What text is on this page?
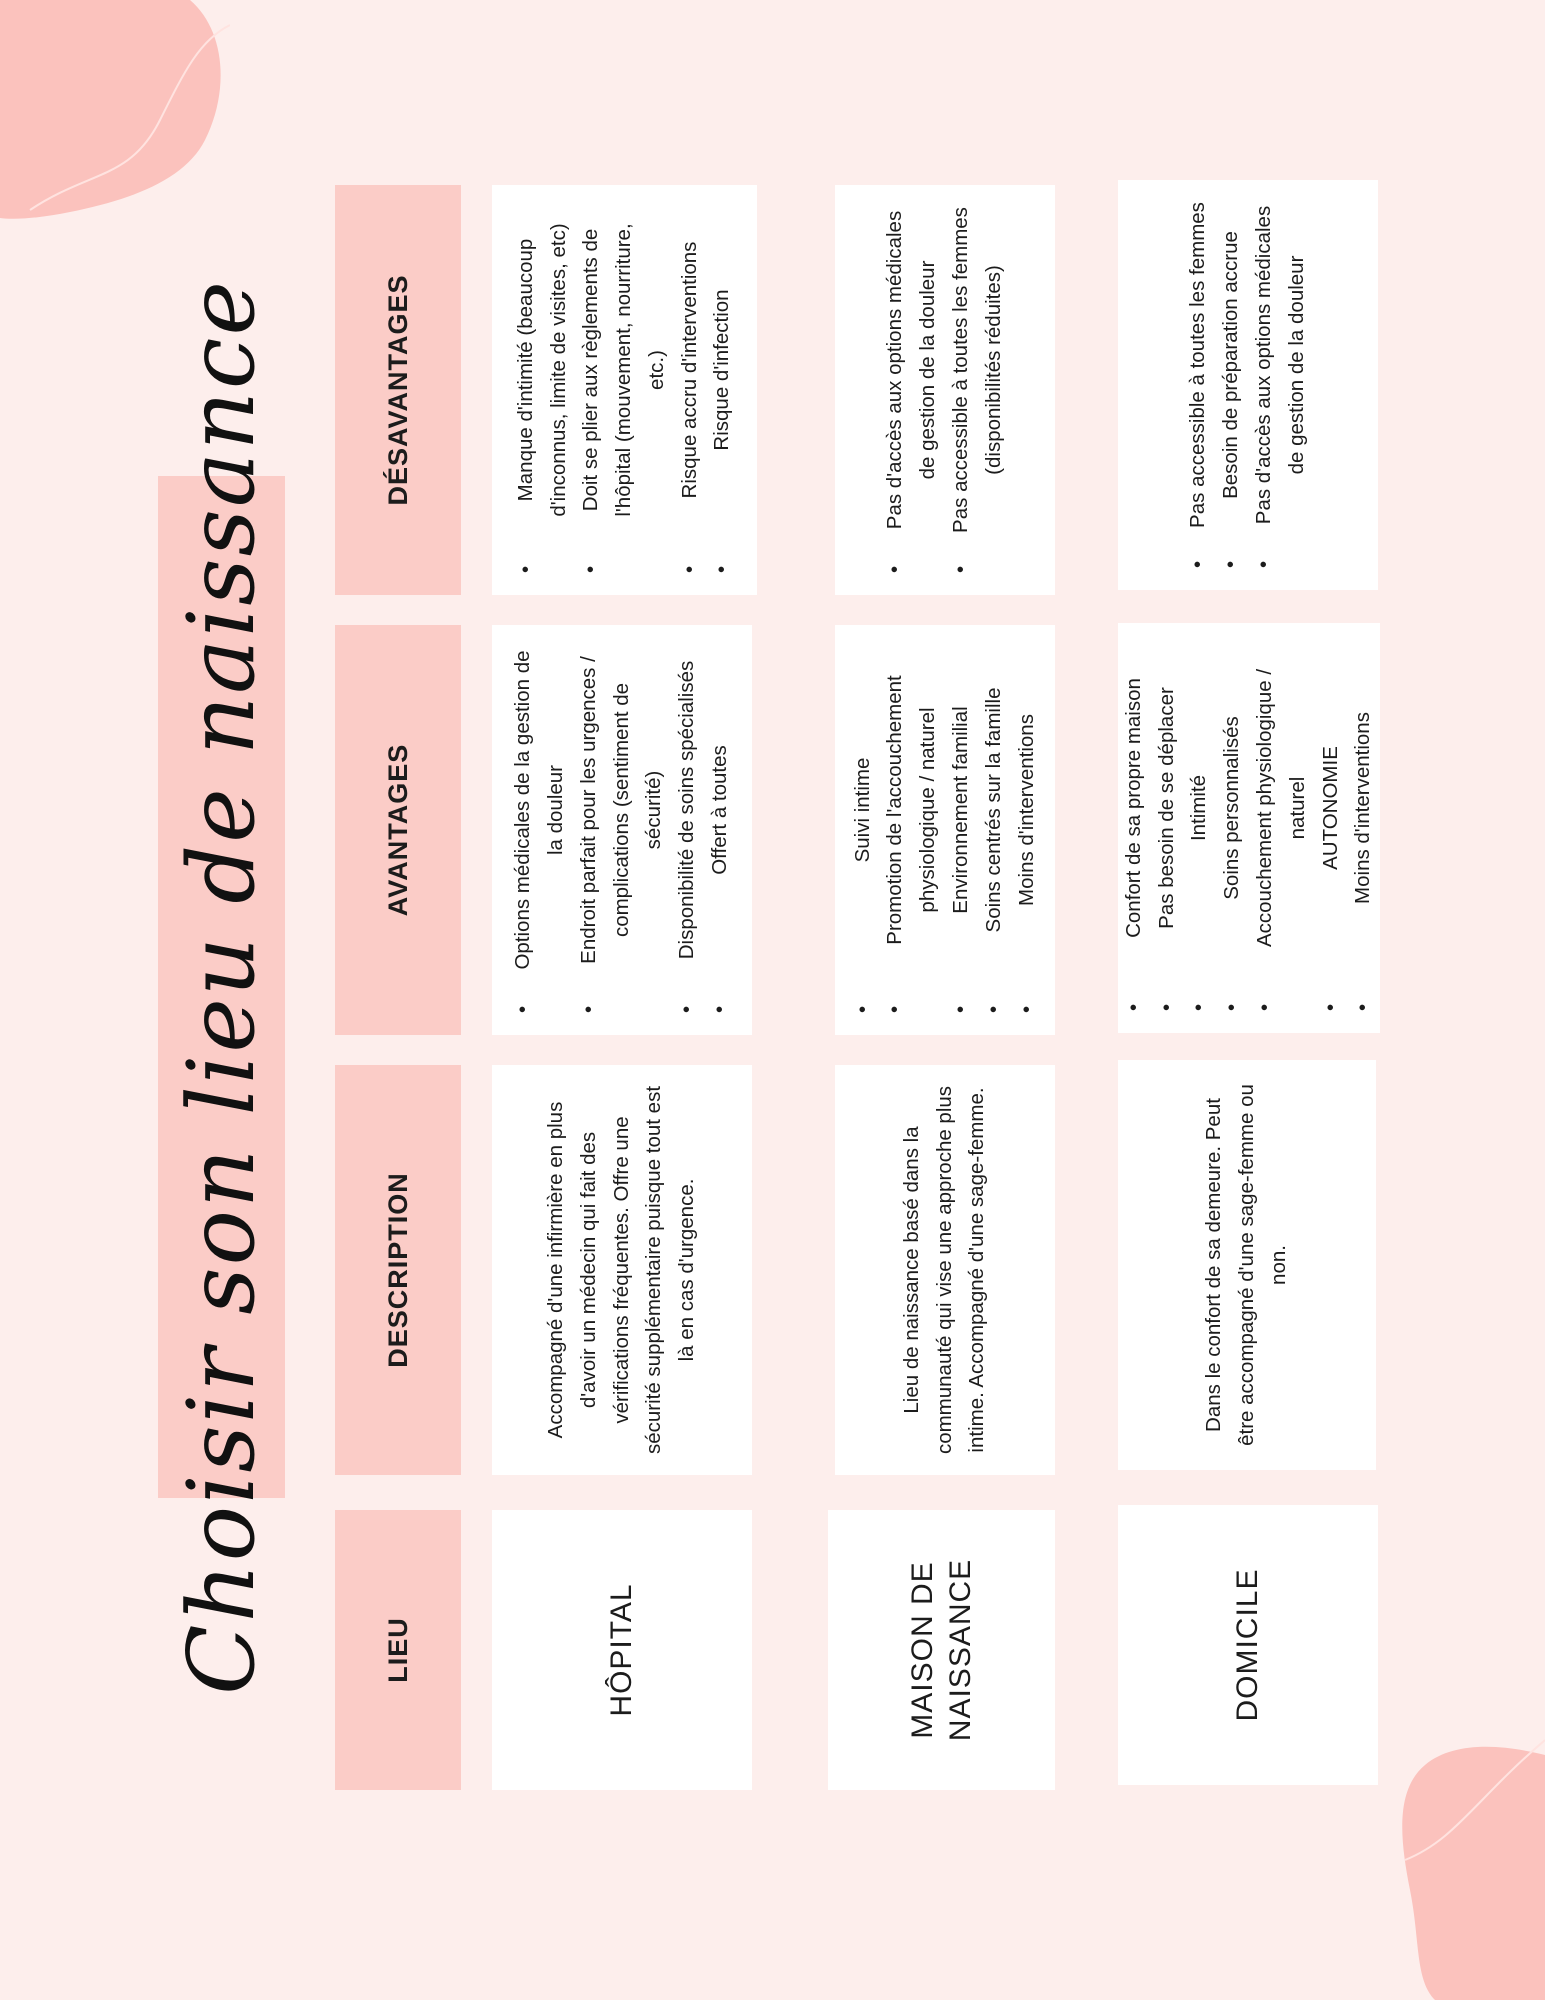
Choisir son lieu de naissance	LIEU
DESCRIPTION
AVANTAGES
DÉSAVANTAGES
HÔPITAL
Accompagné d'une infirmière en plus d'avoir un médecin qui fait des vérifications fréquentes. Offre une sécurité supplémentaire puisque tout est là en cas d'urgence.
• Options médicales de la gestion de la douleur • Endroit parfait pour les urgences / complications (sentiment de sécurité) • Disponibilité de soins spécialisés • Offert à toutes
• Manque d'intimité (beaucoup d'inconnus, limite de visites, etc) • Doit se plier aux règlements de l'hôpital (mouvement, nourriture, etc.) • Risque accru d'interventions • Risque d'infection
MAISON DE NAISSANCE
Lieu de naissance basé dans la communauté qui vise une approche plus intime. Accompagné d'une sage-femme.
• Suivi intime • Promotion de l'accouchement physiologique / naturel • Environnement familial • Soins centrés sur la famille • Moins d'interventions
• Pas d'accès aux options médicales de gestion de la douleur • Pas accessible à toutes les femmes (disponibilités réduites)
DOMICILE
Dans le confort de sa demeure. Peut être accompagné d'une sage-femme ou non.
• Confort de sa propre maison • Pas besoin de se déplacer • Intimité • Soins personnalisés • Accouchement physiologique / naturel • AUTONOMIE • Moins d'interventions
• Pas accessible à toutes les femmes • Besoin de préparation accrue • Pas d'accès aux options médicales de gestion de la douleur
